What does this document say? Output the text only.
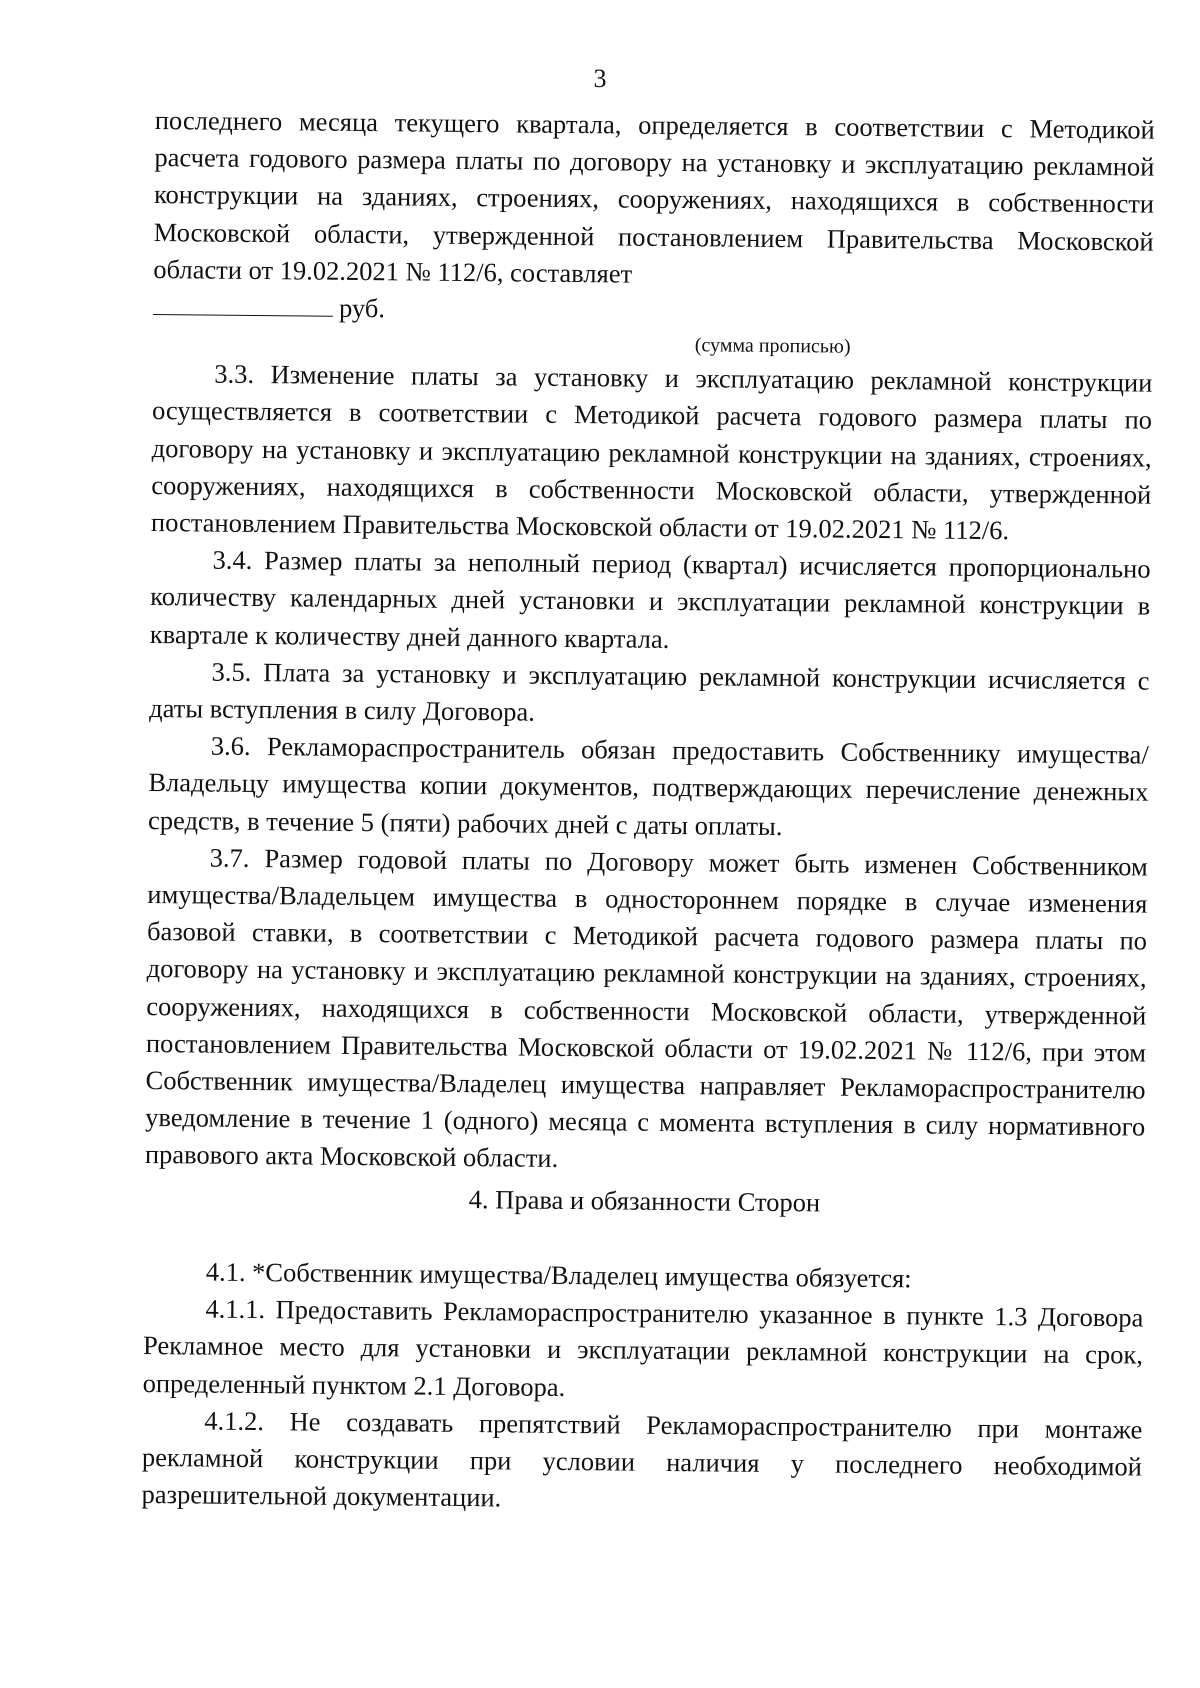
3

последнего месяца текущего квартала, определяется в соответствии с Методикой расчета годового размера платы по договору на установку и эксплуатацию рекламной конструкции на зданиях, строениях, сооружениях, находящихся в собственности Московской области, утвержденной постановлением Правительства Московской области от 19.02.2021 № 112/6, составляет

руб.

(сумма прописью)

3.3. Изменение платы за установку и эксплуатацию рекламной конструкции осуществляется в соответствии с Методикой расчета годового размера платы по договору на установку и эксплуатацию рекламной конструкции на зданиях, строениях, сооружениях, находящихся в собственности Московской области, утвержденной постановлением Правительства Московской области от 19.02.2021 № 112/6.

3.4. Размер платы за неполный период (квартал) исчисляется пропорционально количеству календарных дней установки и эксплуатации рекламной конструкции в квартале к количеству дней данного квартала.

3.5. Плата за установку и эксплуатацию рекламной конструкции исчисляется с даты вступления в силу Договора.

3.6. Рекламораспространитель обязан предоставить Собственнику имущества/Владельцу имущества копии документов, подтверждающих перечисление денежных средств, в течение 5 (пяти) рабочих дней с даты оплаты.

3.7. Размер годовой платы по Договору может быть изменен Собственником имущества/Владельцем имущества в одностороннем порядке в случае изменения базовой ставки, в соответствии с Методикой расчета годового размера платы по договору на установку и эксплуатацию рекламной конструкции на зданиях, строениях, сооружениях, находящихся в собственности Московской области, утвержденной постановлением Правительства Московской области от 19.02.2021 № 112/6, при этом Собственник имущества/Владелец имущества направляет Рекламораспространителю уведомление в течение 1 (одного) месяца с момента вступления в силу нормативного правового акта Московской области.

4. Права и обязанности Сторон

4.1. *Собственник имущества/Владелец имущества обязуется:

4.1.1. Предоставить Рекламораспространителю указанное в пункте 1.3 Договора Рекламное место для установки и эксплуатации рекламной конструкции на срок, определенный пунктом 2.1 Договора.

4.1.2. Не создавать препятствий Рекламораспространителю при монтаже рекламной конструкции при условии наличия у последнего необходимой разрешительной документации.
